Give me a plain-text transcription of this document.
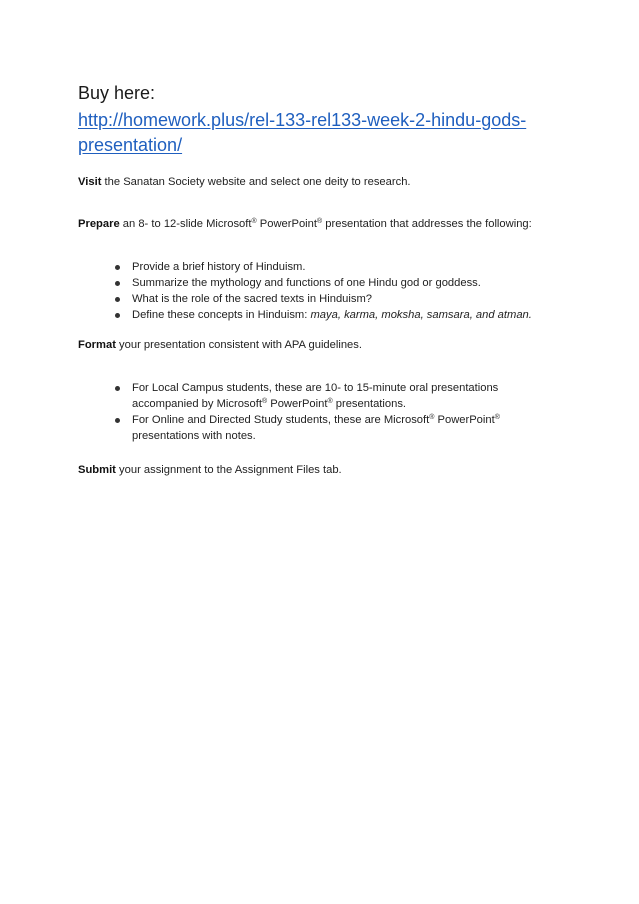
Buy here:
http://homework.plus/rel-133-rel133-week-2-hindu-gods-presentation/
Visit the Sanatan Society website and select one deity to research.
Prepare an 8- to 12-slide Microsoft® PowerPoint® presentation that addresses the following:
Provide a brief history of Hinduism.
Summarize the mythology and functions of one Hindu god or goddess.
What is the role of the sacred texts in Hinduism?
Define these concepts in Hinduism: maya, karma, moksha, samsara, and atman.
Format your presentation consistent with APA guidelines.
For Local Campus students, these are 10- to 15-minute oral presentations accompanied by Microsoft® PowerPoint® presentations.
For Online and Directed Study students, these are Microsoft® PowerPoint® presentations with notes.
Submit your assignment to the Assignment Files tab.
